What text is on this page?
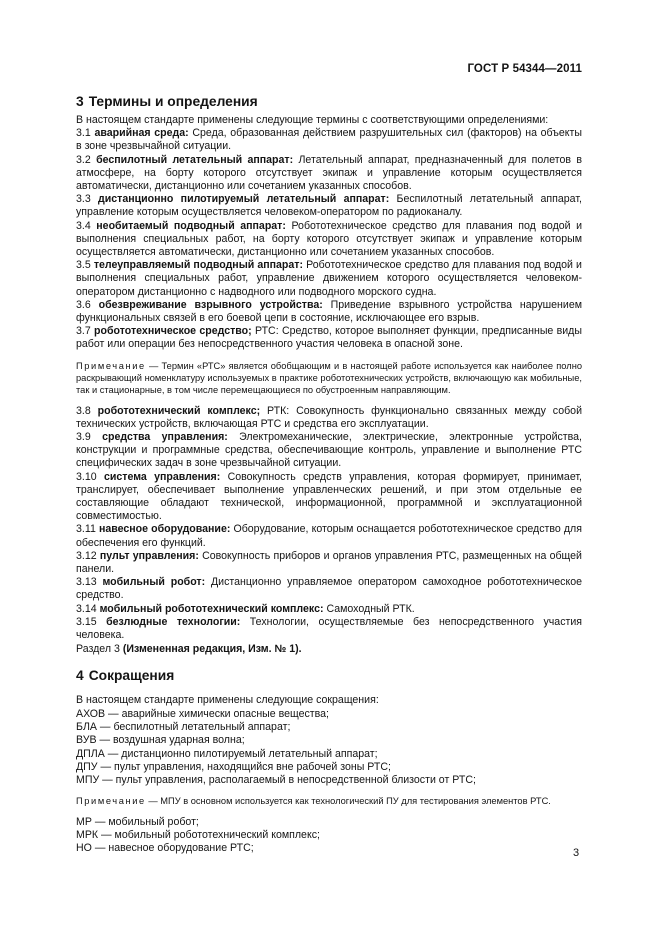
ГОСТ Р 54344—2011
3 Термины и определения

В настоящем стандарте применены следующие термины с соответствующими определениями:

3.1 аварийная среда: Среда, образованная действием разрушительных сил (факторов) на объекты в зоне чрезвычайной ситуации.

3.2 беспилотный летательный аппарат: Летательный аппарат, предназначенный для полетов в атмосфере, на борту которого отсутствует экипаж и управление которым осуществляется автоматически, дистанционно или сочетанием указанных способов.

3.3 дистанционно пилотируемый летательный аппарат: Беспилотный летательный аппарат, управление которым осуществляется человеком-оператором по радиоканалу.

3.4 необитаемый подводный аппарат: Робототехническое средство для плавания под водой и выполнения специальных работ, на борту которого отсутствует экипаж и управление которым осуществляется автоматически, дистанционно или сочетанием указанных способов.

3.5 телеуправляемый подводный аппарат: Робототехническое средство для плавания под водой и выполнения специальных работ, управление движением которого осуществляется человеком-оператором дистанционно с надводного или подводного морского судна.

3.6 обезвреживание взрывного устройства: Приведение взрывного устройства нарушением функциональных связей в его боевой цепи в состояние, исключающее его взрыв.

3.7 робототехническое средство; РТС: Средство, которое выполняет функции, предписанные виды работ или операции без непосредственного участия человека в опасной зоне.

Примечание — Термин «РТС» является обобщающим и в настоящей работе используется как наиболее полно раскрывающий номенклатуру используемых в практике робототехнических устройств, включающую как мобильные, так и стационарные, в том числе перемещающиеся по обустроенным направляющим.

3.8 робототехнический комплекс; РТК: Совокупность функционально связанных между собой технических устройств, включающая РТС и средства его эксплуатации.

3.9 средства управления: Электромеханические, электрические, электронные устройства, конструкции и программные средства, обеспечивающие контроль, управление и выполнение РТС специфических задач в зоне чрезвычайной ситуации.

3.10 система управления: Совокупность средств управления, которая формирует, принимает, транслирует, обеспечивает выполнение управленческих решений, и при этом отдельные ее составляющие обладают технической, информационной, программной и эксплуатационной совместимостью.

3.11 навесное оборудование: Оборудование, которым оснащается робототехническое средство для обеспечения его функций.

3.12 пульт управления: Совокупность приборов и органов управления РТС, размещенных на общей панели.

3.13 мобильный робот: Дистанционно управляемое оператором самоходное робототехническое средство.

3.14 мобильный робототехнический комплекс: Самоходный РТК.

3.15 безлюдные технологии: Технологии, осуществляемые без непосредственного участия человека.

Раздел 3 (Измененная редакция, Изм. № 1).

4 Сокращения
В настоящем стандарте применены следующие сокращения:
АХОВ — аварийные химически опасные вещества;
БЛА — беспилотный летательный аппарат;
ВУВ — воздушная ударная волна;
ДПЛА — дистанционно пилотируемый летательный аппарат;
ДПУ — пульт управления, находящийся вне рабочей зоны РТС;
МПУ — пульт управления, располагаемый в непосредственной близости от РТС;

Примечание — МПУ в основном используется как технологический ПУ для тестирования элементов РТС.

МР — мобильный робот;
МРК — мобильный робототехнический комплекс;
НО — навесное оборудование РТС;	3
